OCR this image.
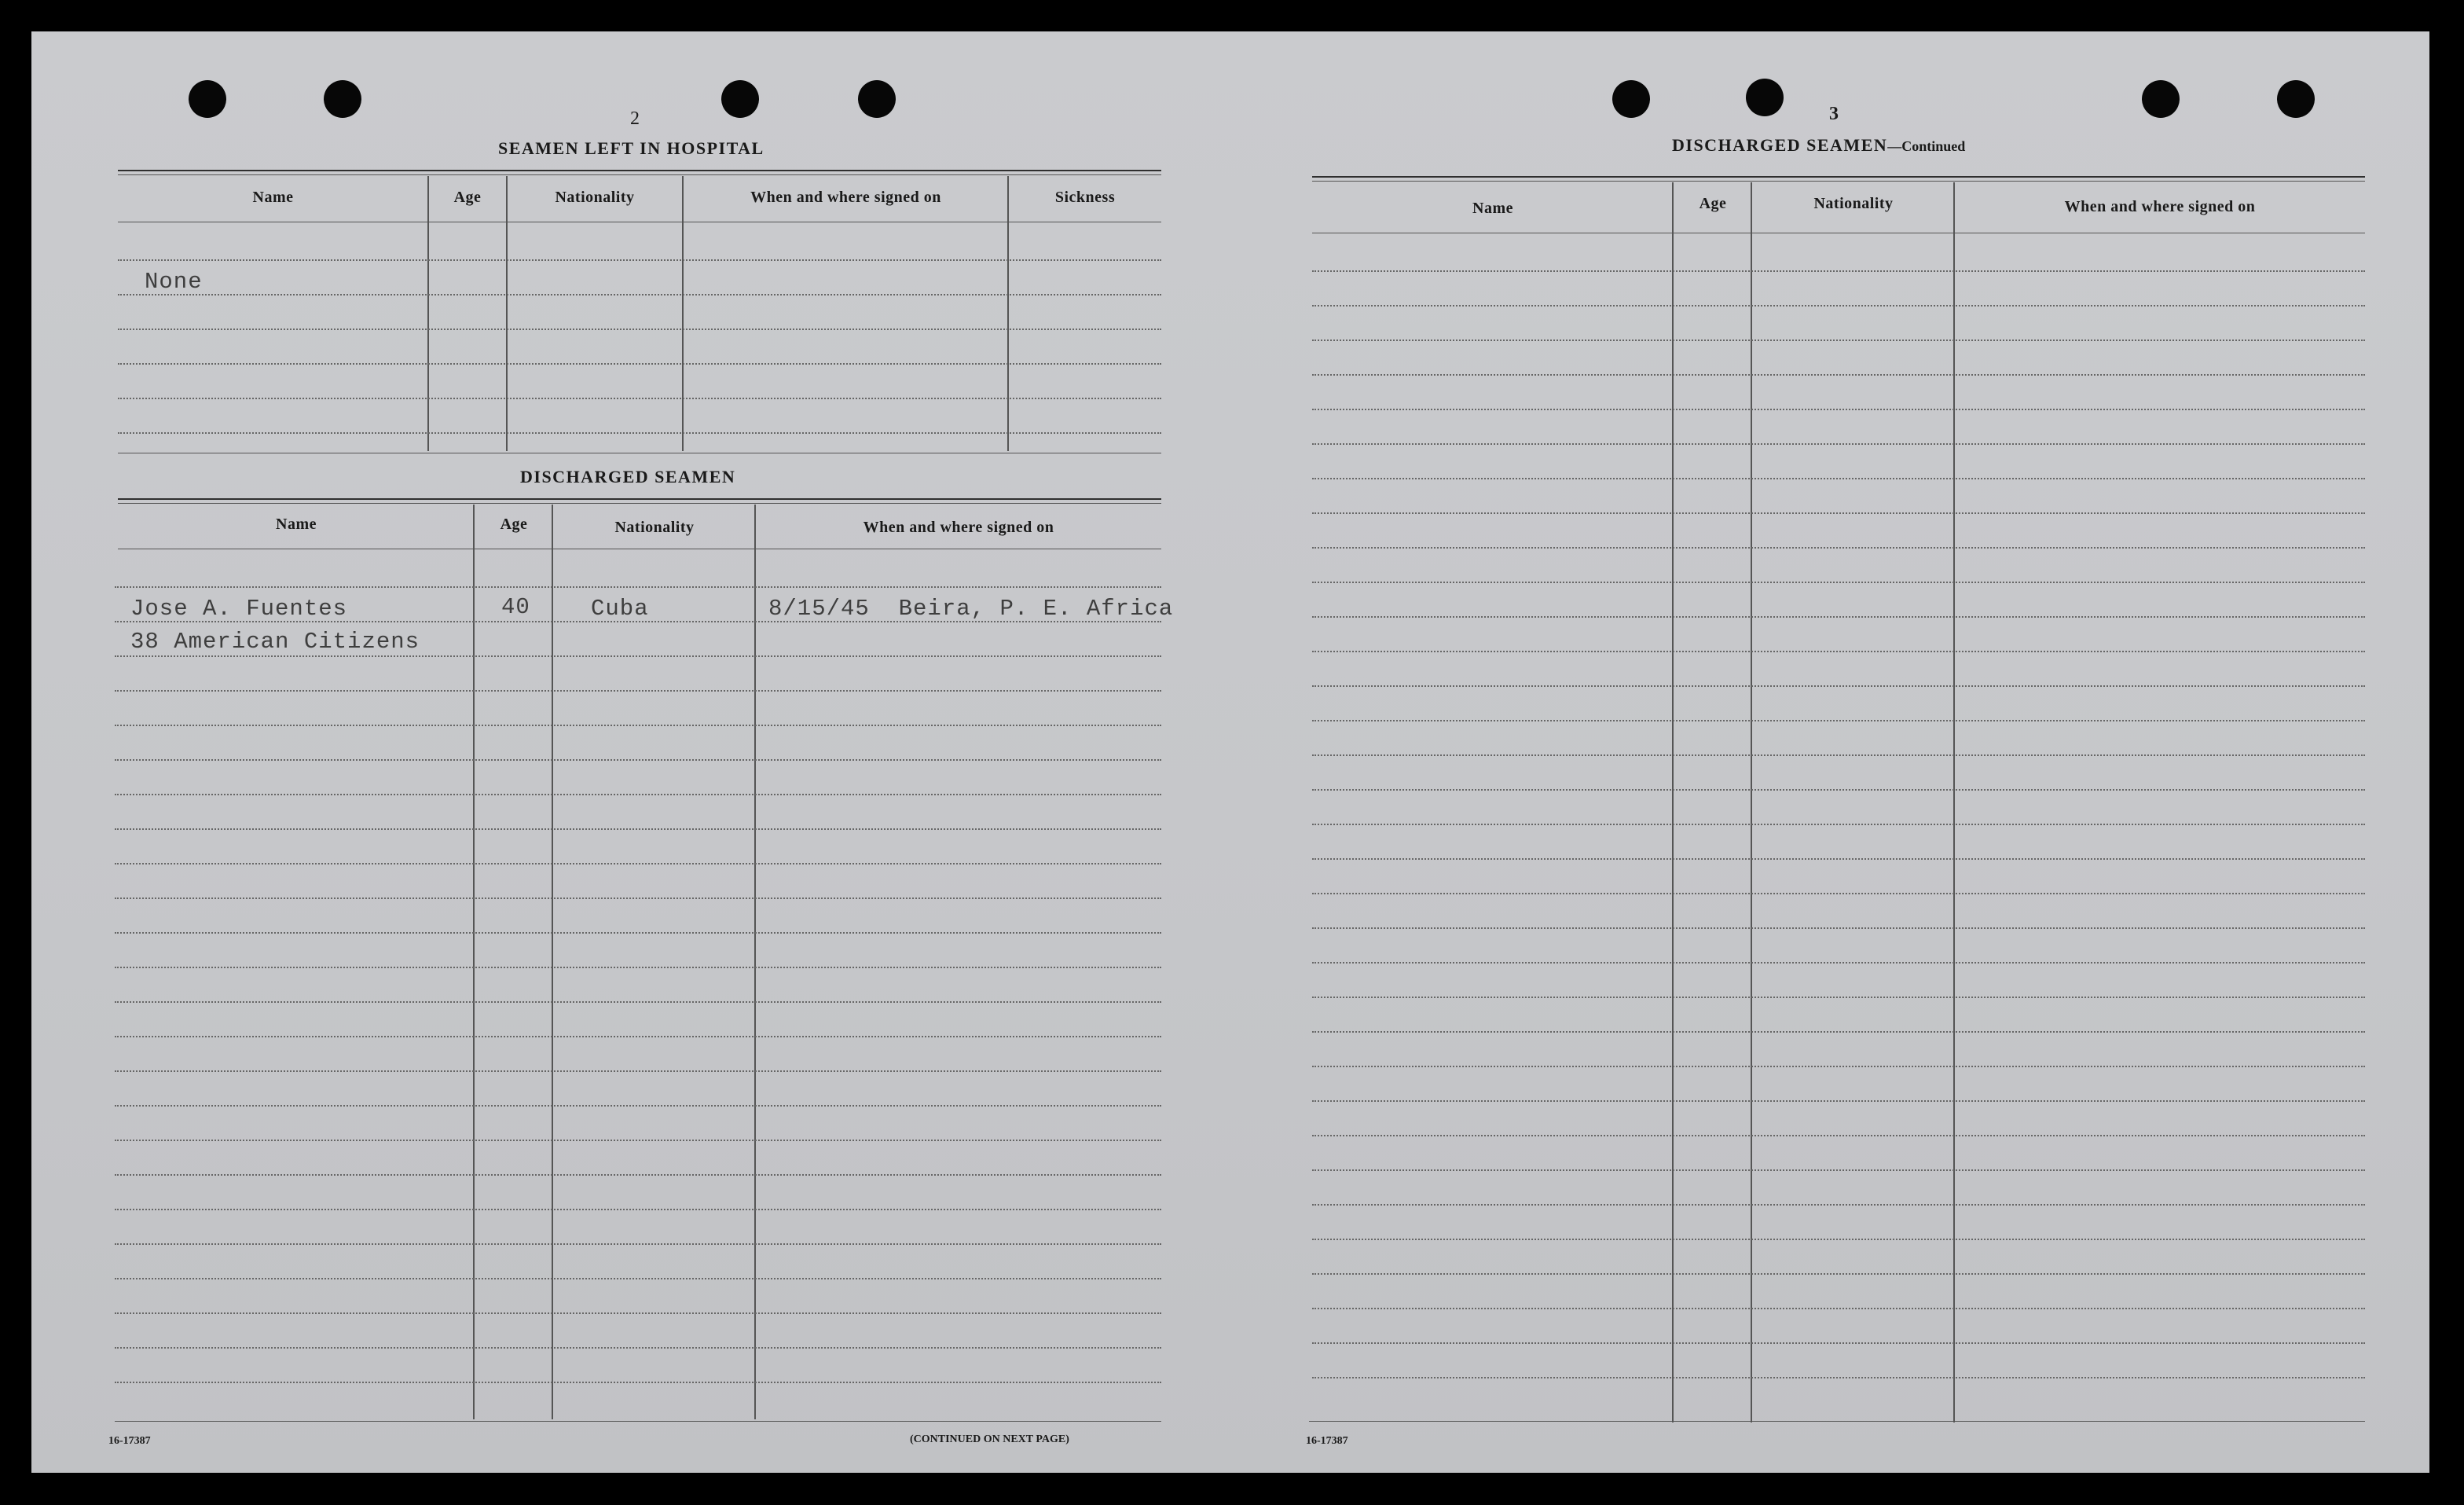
2
SEAMEN LEFT IN HOSPITAL
Name	Age	Nationality	When and where signed on	Sickness
None
DISCHARGED SEAMEN
Name	Age	Nationality	When and where signed on
Jose A. Fuentes	40	Cuba	8/15/45  Beira, P. E. Africa
38 American Citizens
16-17387	(CONTINUED ON NEXT PAGE)
3
DISCHARGED SEAMEN—Continued
Name	Age	Nationality	When and where signed on
16-17387
